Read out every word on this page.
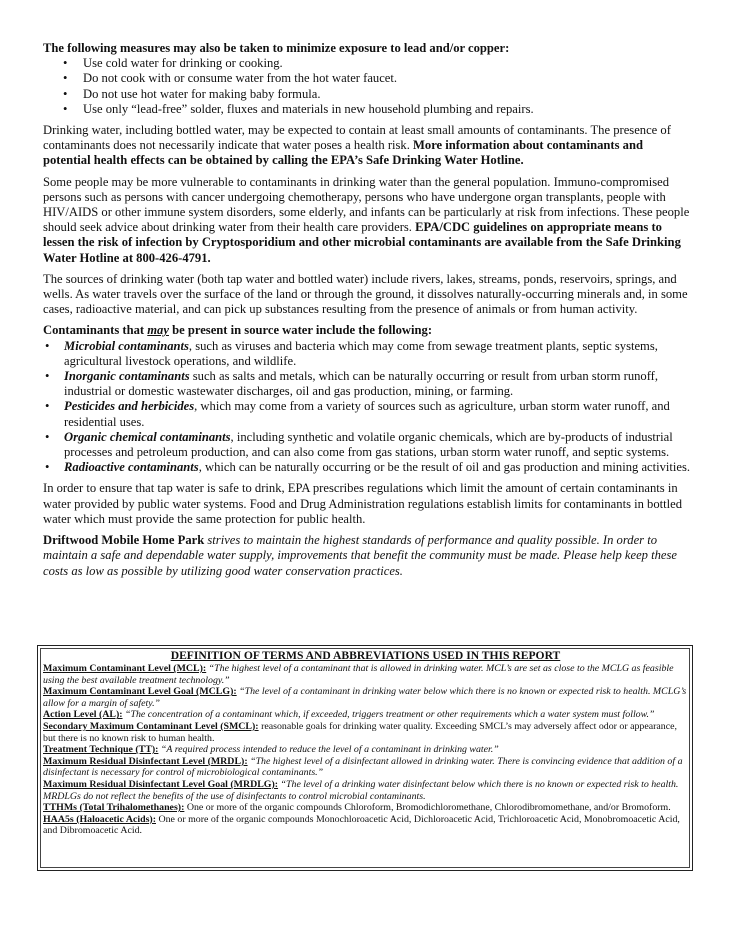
The following measures may also be taken to minimize exposure to lead and/or copper:

• Use cold water for drinking or cooking.
• Do not cook with or consume water from the hot water faucet.
• Do not use hot water for making baby formula.
• Use only “lead-free” solder, fluxes and materials in new household plumbing and repairs.

Drinking water, including bottled water, may be expected to contain at least small amounts of contaminants. The presence of contaminants does not necessarily indicate that water poses a health risk. More information about contaminants and potential health effects can be obtained by calling the EPA’s Safe Drinking Water Hotline.

Some people may be more vulnerable to contaminants in drinking water than the general population. Immuno-compromised persons such as persons with cancer undergoing chemotherapy, persons who have undergone organ transplants, people with HIV/AIDS or other immune system disorders, some elderly, and infants can be particularly at risk from infections. These people should seek advice about drinking water from their health care providers. EPA/CDC guidelines on appropriate means to lessen the risk of infection by Cryptosporidium and other microbial contaminants are available from the Safe Drinking Water Hotline at 800-426-4791.

The sources of drinking water (both tap water and bottled water) include rivers, lakes, streams, ponds, reservoirs, springs, and wells. As water travels over the surface of the land or through the ground, it dissolves naturally-occurring minerals and, in some cases, radioactive material, and can pick up substances resulting from the presence of animals or from human activity.

Contaminants that may be present in source water include the following:

• Microbial contaminants, such as viruses and bacteria which may come from sewage treatment plants, septic systems, agricultural livestock operations, and wildlife.
• Inorganic contaminants such as salts and metals, which can be naturally occurring or result from urban storm runoff, industrial or domestic wastewater discharges, oil and gas production, mining, or farming.
• Pesticides and herbicides, which may come from a variety of sources such as agriculture, urban storm water runoff, and residential uses.
• Organic chemical contaminants, including synthetic and volatile organic chemicals, which are by-products of industrial processes and petroleum production, and can also come from gas stations, urban storm water runoff, and septic systems.
• Radioactive contaminants, which can be naturally occurring or be the result of oil and gas production and mining activities.

In order to ensure that tap water is safe to drink, EPA prescribes regulations which limit the amount of certain contaminants in water provided by public water systems. Food and Drug Administration regulations establish limits for contaminants in bottled water which must provide the same protection for public health.

Driftwood Mobile Home Park strives to maintain the highest standards of performance and quality possible. In order to maintain a safe and dependable water supply, improvements that benefit the community must be made. Please help keep these costs as low as possible by utilizing good water conservation practices.

DEFINITION OF TERMS AND ABBREVIATIONS USED IN THIS REPORT

Maximum Contaminant Level (MCL): “The highest level of a contaminant that is allowed in drinking water. MCL’s are set as close to the MCLG as feasible using the best available treatment technology.”

Maximum Contaminant Level Goal (MCLG): “The level of a contaminant in drinking water below which there is no known or expected risk to health. MCLG’s allow for a margin of safety.”

Action Level (AL): “The concentration of a contaminant which, if exceeded, triggers treatment or other requirements which a water system must follow.”

Secondary Maximum Contaminant Level (SMCL): reasonable goals for drinking water quality. Exceeding SMCL’s may adversely affect odor or appearance, but there is no known risk to human health.

Treatment Technique (TT): “A required process intended to reduce the level of a contaminant in drinking water.”

Maximum Residual Disinfectant Level (MRDL): “The highest level of a disinfectant allowed in drinking water. There is convincing evidence that addition of a disinfectant is necessary for control of microbiological contaminants.”

Maximum Residual Disinfectant Level Goal (MRDLG): “The level of a drinking water disinfectant below which there is no known or expected risk to health. MRDLGs do not reflect the benefits of the use of disinfectants to control microbial contaminants.

TTHMs (Total Trihalomethanes): One or more of the organic compounds Chloroform, Bromodichloromethane, Chlorodibromomethane, and/or Bromoform.

HAA5s (Haloacetic Acids): One or more of the organic compounds Monochloroacetic Acid, Dichloroacetic Acid, Trichloroacetic Acid, Monobromoacetic Acid, and Dibromoacetic Acid.
